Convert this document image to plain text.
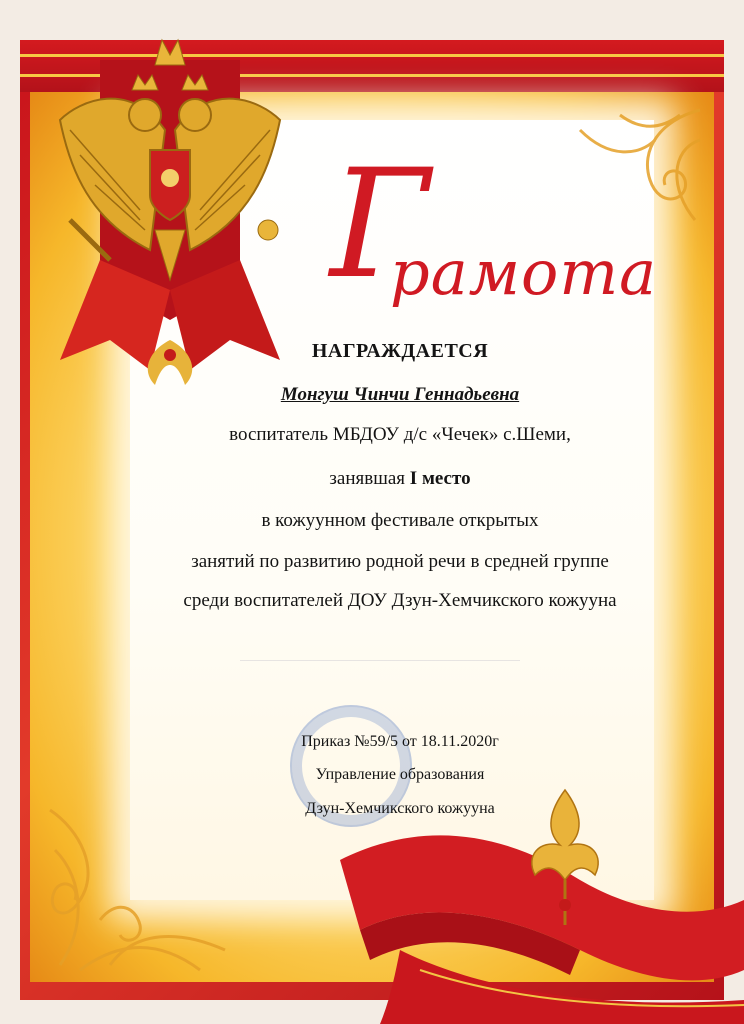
Г
рамота
НАГРАЖДАЕТСЯ
Монгуш Чинчи Геннадьевна
воспитатель МБДОУ д/с «Чечек» с.Шеми,
занявшая I место
в кожуунном фестивале открытых
занятий по развитию родной речи в средней группе
среди воспитателей ДОУ Дзун-Хемчикского кожууна
Приказ №59/5 от 18.11.2020г
Управление образования
Дзун-Хемчикского кожууна
